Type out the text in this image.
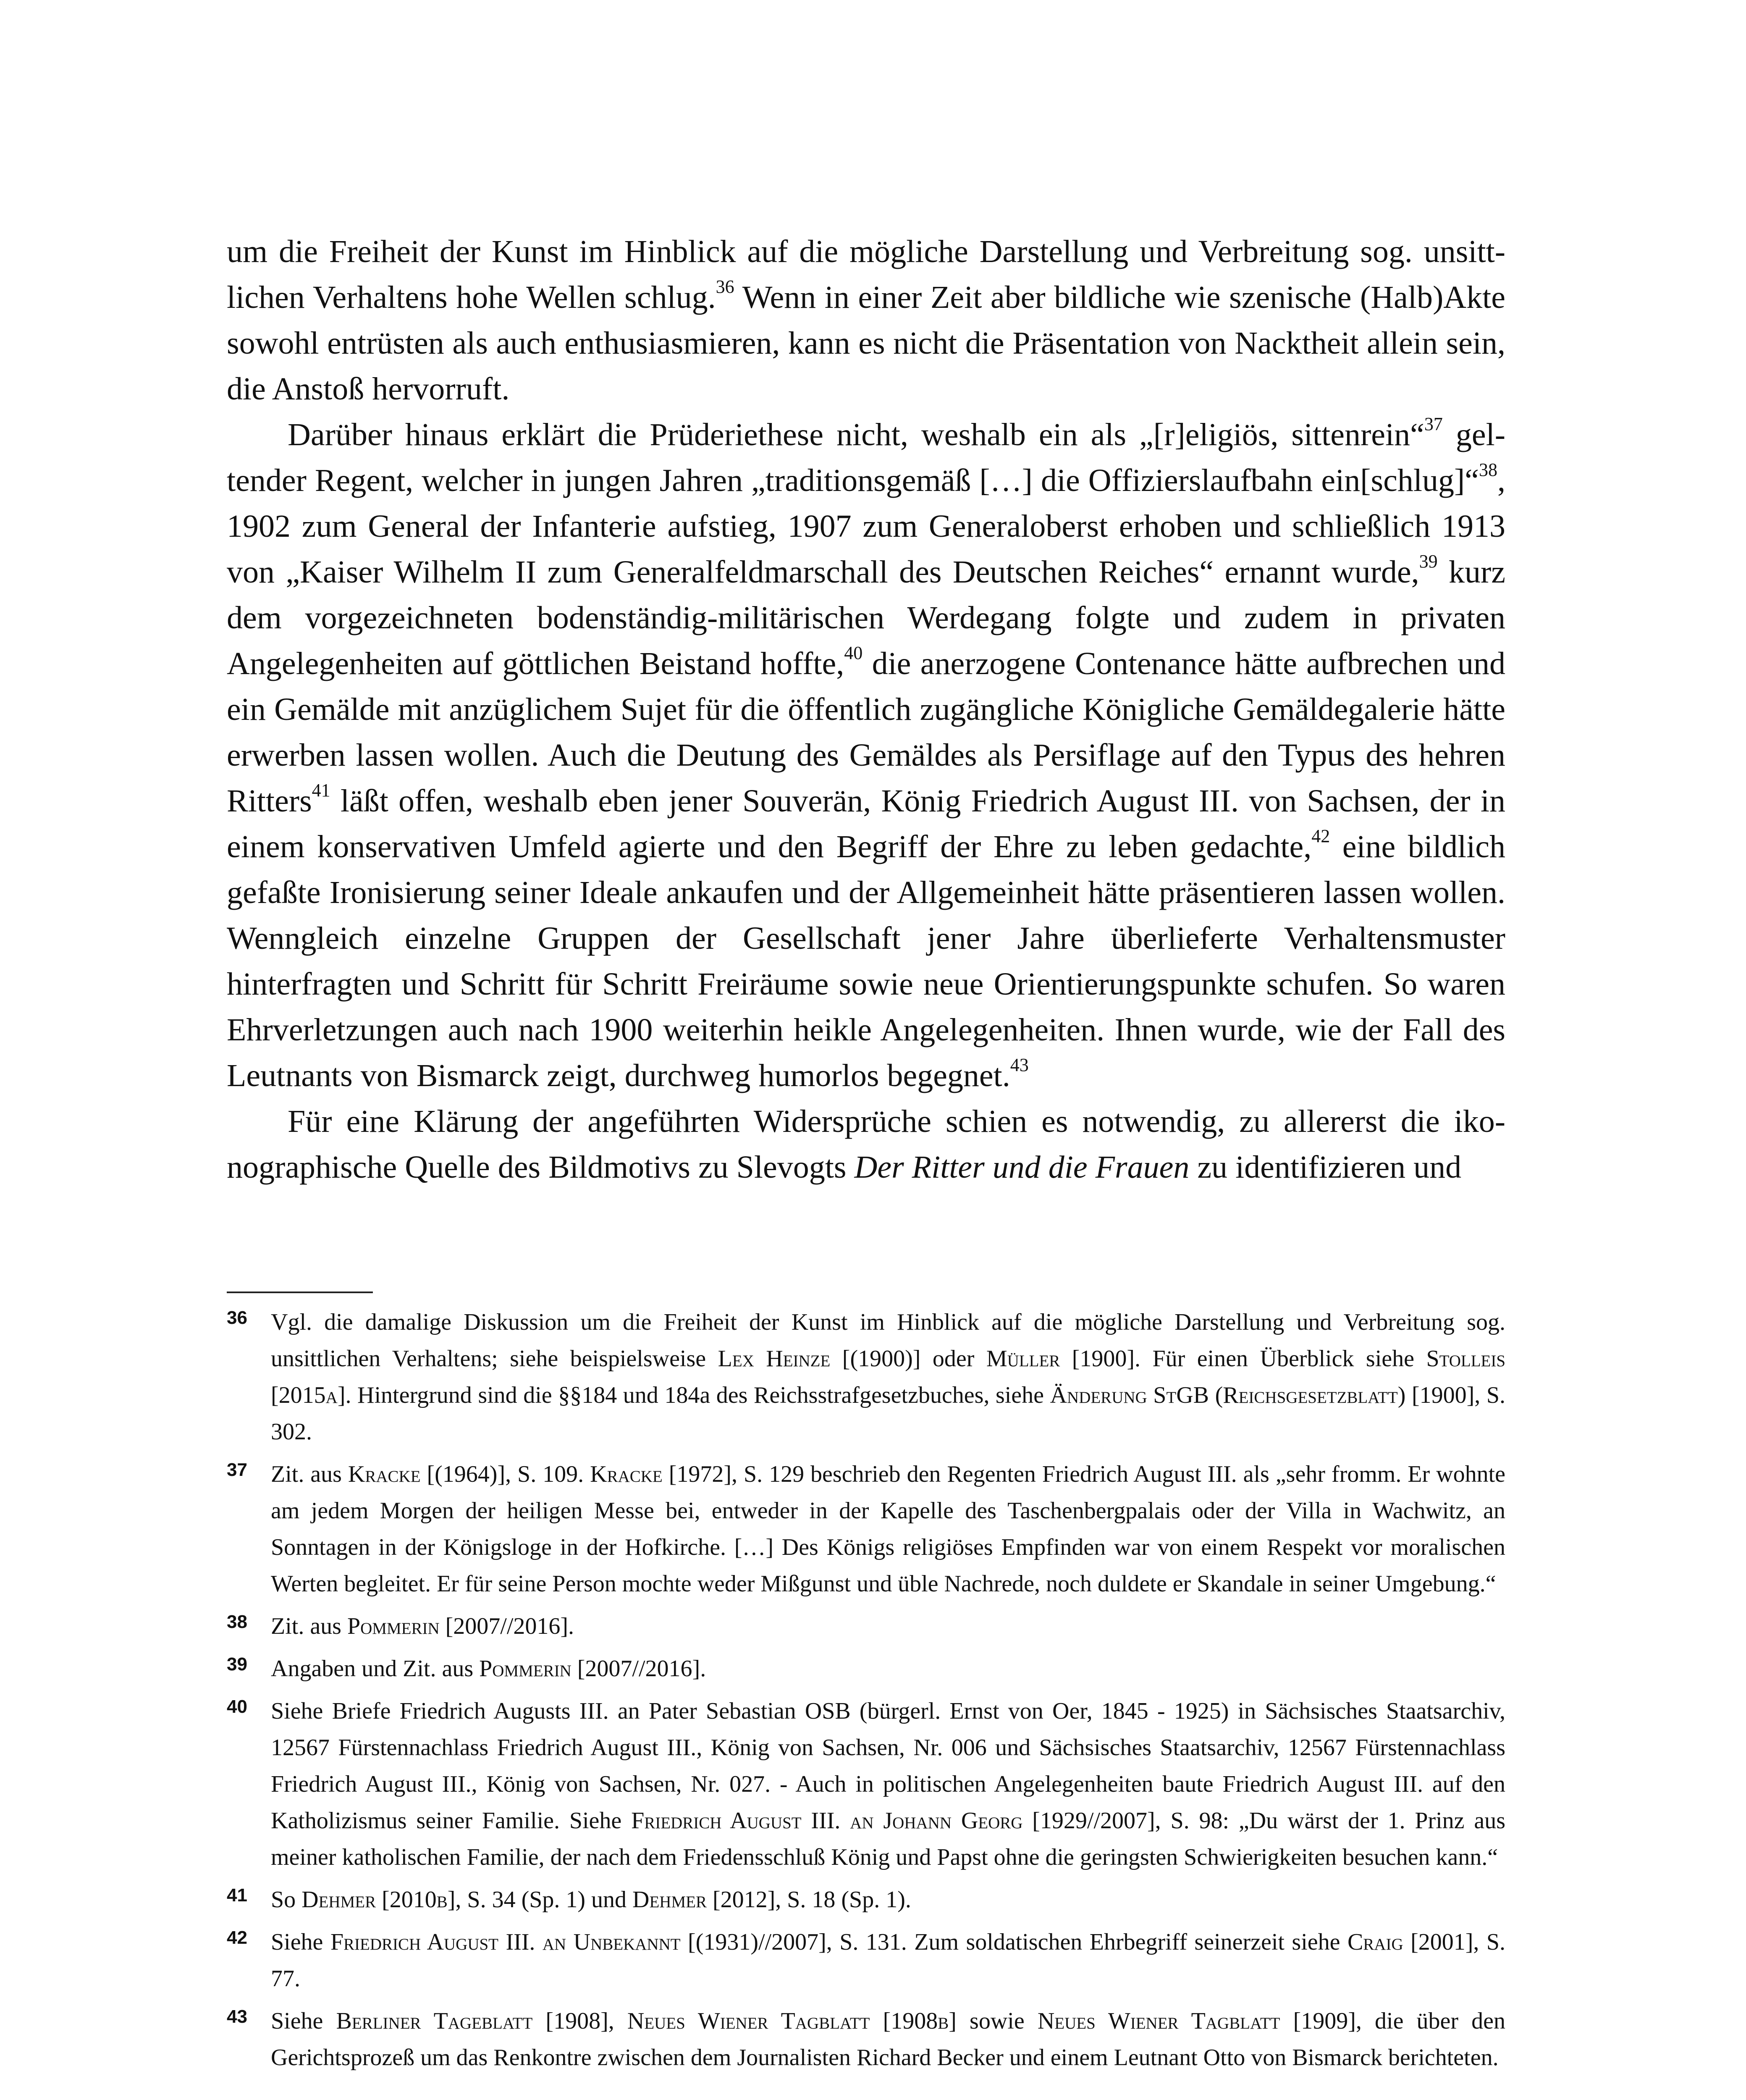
um die Freiheit der Kunst im Hinblick auf die mögliche Darstellung und Verbreitung sog. unsittlichen Verhaltens hohe Wellen schlug.$^{36}$ Wenn in einer Zeit aber bildliche wie szenische (Halb)Akte sowohl entrüsten als auch enthusiasmieren, kann es nicht die Präsentation von Nacktheit allein sein, die Anstoß hervorruft.

Darüber hinaus erklärt die Prüderiethese nicht, weshalb ein als „[r]eligiös, sittenrein“$^{37}$ geltender Regent, welcher in jungen Jahren „traditionsgemäß […] die Offizierslaufbahn ein[schlug]“$^{38}$, 1902 zum General der Infanterie aufstieg, 1907 zum Generaloberst erhoben und schließlich 1913 von „Kaiser Wilhelm II zum Generalfeldmarschall des Deutschen Reiches“ ernannt wurde,$^{39}$ kurz dem vorgezeichneten bodenständig-militärischen Werdegang folgte und zudem in privaten Angelegenheiten auf göttlichen Beistand hoffte,$^{40}$ die anerzogene Contenance hätte aufbrechen und ein Gemälde mit anzüglichem Sujet für die öffentlich zugängliche Königliche Gemäldegalerie hätte erwerben lassen wollen. Auch die Deutung des Gemäldes als Persiflage auf den Typus des hehren Ritters$^{41}$ läßt offen, weshalb eben jener Souverän, König Friedrich August III. von Sachsen, der in einem konservativen Umfeld agierte und den Begriff der Ehre zu leben gedachte,$^{42}$ eine bildlich gefaßte Ironisierung seiner Ideale ankaufen und der Allgemeinheit hätte präsentieren lassen wollen. Wenngleich einzelne Gruppen der Gesellschaft jener Jahre überlieferte Verhaltensmuster hinterfragten und Schritt für Schritt Freiräume sowie neue Orientierungspunkte schufen. So waren Ehrverletzungen auch nach 1900 weiterhin heikle Angelegenheiten. Ihnen wurde, wie der Fall des Leutnants von Bismarck zeigt, durchweg humorlos begegnet.$^{43}$

Für eine Klärung der angeführten Widersprüche schien es notwendig, zu allererst die ikonographische Quelle des Bildmotivs zu Slevogts Der Ritter und die Frauen zu identifizieren und

36	Vgl. die damalige Diskussion um die Freiheit der Kunst im Hinblick auf die mögliche Darstellung und Verbreitung sog. unsittlichen Verhaltens; siehe beispielsweise Lex Heinze [(1900)] oder Müller [1900]. Für einen Überblick siehe Stolleis [2015a]. Hintergrund sind die §§184 und 184a des Reichsstrafgesetzbuches, siehe Änderung StGB (Reichsgesetzblatt) [1900], S. 302.
37	Zit. aus Kracke [(1964)], S. 109. Kracke [1972], S. 129 beschrieb den Regenten Friedrich August III. als „sehr fromm. Er wohnte am jedem Morgen der heiligen Messe bei, entweder in der Kapelle des Taschenbergpalais oder der Villa in Wachwitz, an Sonntagen in der Königsloge in der Hofkirche. […] Des Königs religiöses Empfinden war von einem Respekt vor moralischen Werten begleitet. Er für seine Person mochte weder Mißgunst und üble Nachrede, noch duldete er Skandale in seiner Umgebung.“
38	Zit. aus Pommerin [2007//2016].
39	Angaben und Zit. aus Pommerin [2007//2016].
40	Siehe Briefe Friedrich Augusts III. an Pater Sebastian OSB (bürgerl. Ernst von Oer, 1845 - 1925) in Sächsisches Staatsarchiv, 12567 Fürstennachlass Friedrich August III., König von Sachsen, Nr. 006 und Sächsisches Staatsarchiv, 12567 Fürstennachlass Friedrich August III., König von Sachsen, Nr. 027. - Auch in politischen Angelegenheiten baute Friedrich August III. auf den Katholizismus seiner Familie. Siehe Friedrich August III. an Johann Georg [1929//2007], S. 98: „Du wärst der 1. Prinz aus meiner katholischen Familie, der nach dem Friedensschluß König und Papst ohne die geringsten Schwierigkeiten besuchen kann.“
41	So Dehmer [2010b], S. 34 (Sp. 1) und Dehmer [2012], S. 18 (Sp. 1).
42	Siehe Friedrich August III. an Unbekannt [(1931)//2007], S. 131. Zum soldatischen Ehrbegriff seinerzeit siehe Craig [2001], S. 77.
43	Siehe Berliner Tageblatt [1908], Neues Wiener Tagblatt [1908b] sowie Neues Wiener Tagblatt [1909], die über den Gerichtsprozeß um das Renkontre zwischen dem Journalisten Richard Becker und einem Leutnant Otto von Bismarck berichteten.
